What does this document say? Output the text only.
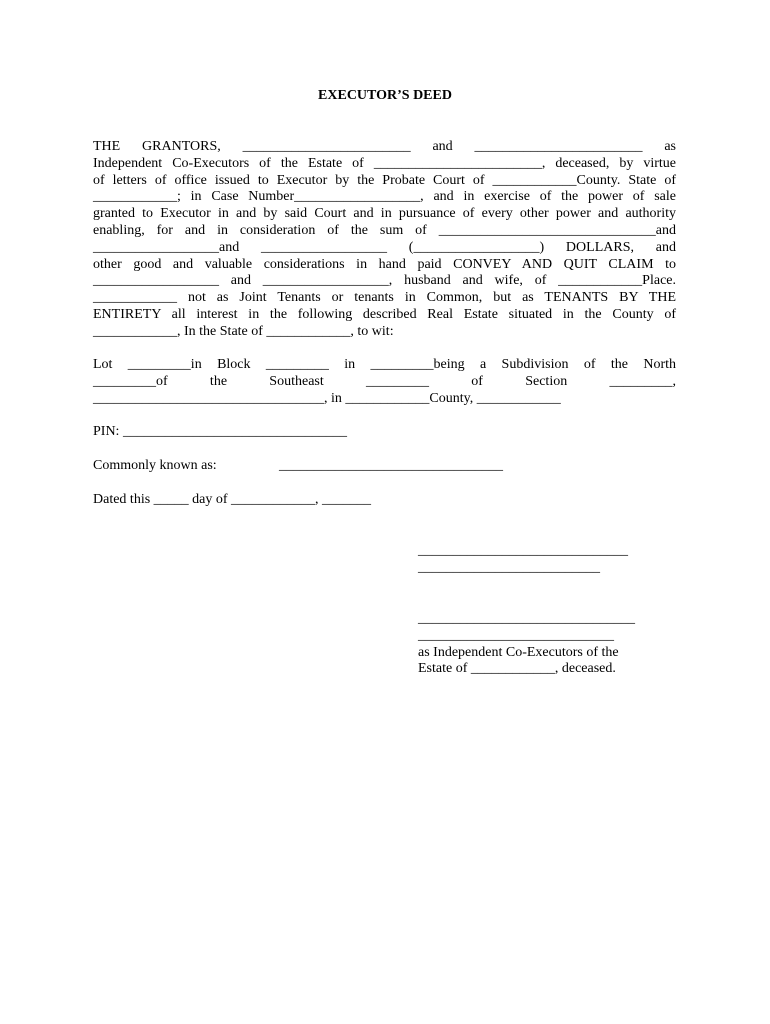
EXECUTOR’S DEED
THE GRANTORS, ________________________ and ________________________ as
Independent Co-Executors of the Estate of ________________________, deceased, by virtue
of letters of office issued to Executor by the Probate Court of ____________County. State of
____________; in Case Number__________________, and in exercise of the power of sale
granted to Executor in and by said Court and in pursuance of every other power and authority
enabling, for and in consideration of the sum of _______________________________and
__________________and __________________ (__________________) DOLLARS, and
other good and valuable considerations in hand paid CONVEY AND QUIT CLAIM to
__________________ and __________________, husband and wife, of ____________Place.
____________ not as Joint Tenants or tenants in Common, but as TENANTS BY THE
ENTIRETY all interest in the following described Real Estate situated in the County of
____________, In the State of ____________, to wit:
Lot _________in Block _________ in _________being a Subdivision of the North
_________of the Southeast _________ of Section _________,
_________________________________, in ____________County, ____________
PIN: ________________________________
Commonly known as:	________________________________
Dated this _____ day of ____________, _______
______________________________
__________________________
_______________________________
____________________________
as Independent Co-Executors of the
Estate of ____________, deceased.
